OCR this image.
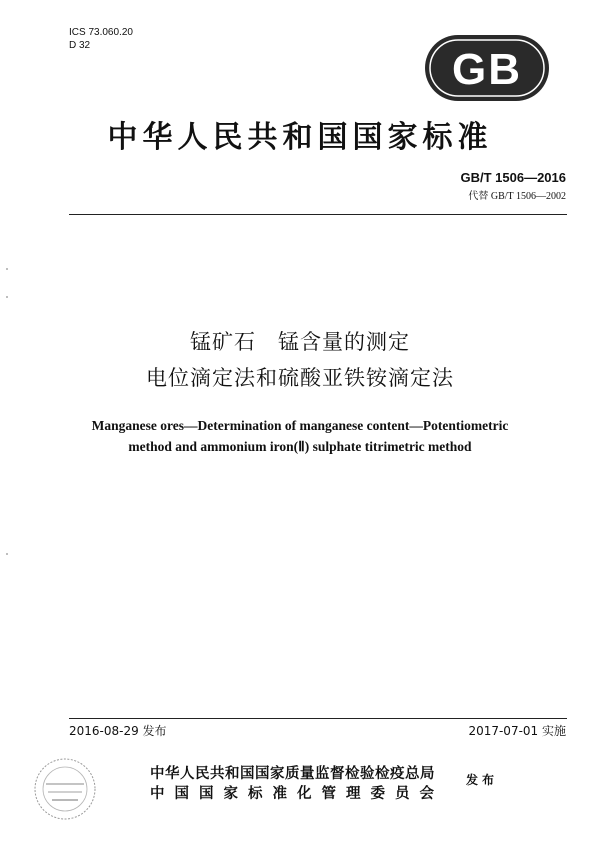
ICS 73.060.20
D 32	GB
中华人民共和国国家标准
GB/T 1506—2016
代替 GB/T 1506—2002
锰矿石　锰含量的测定
电位滴定法和硫酸亚铁铵滴定法
Manganese ores—Determination of manganese content—Potentiometric
method and ammonium iron(Ⅱ) sulphate titrimetric method
2016-08-29 发布	2017-07-01 实施
中华人民共和国国家质量监督检验检疫总局
中国国家标准化管理委员会
发布
